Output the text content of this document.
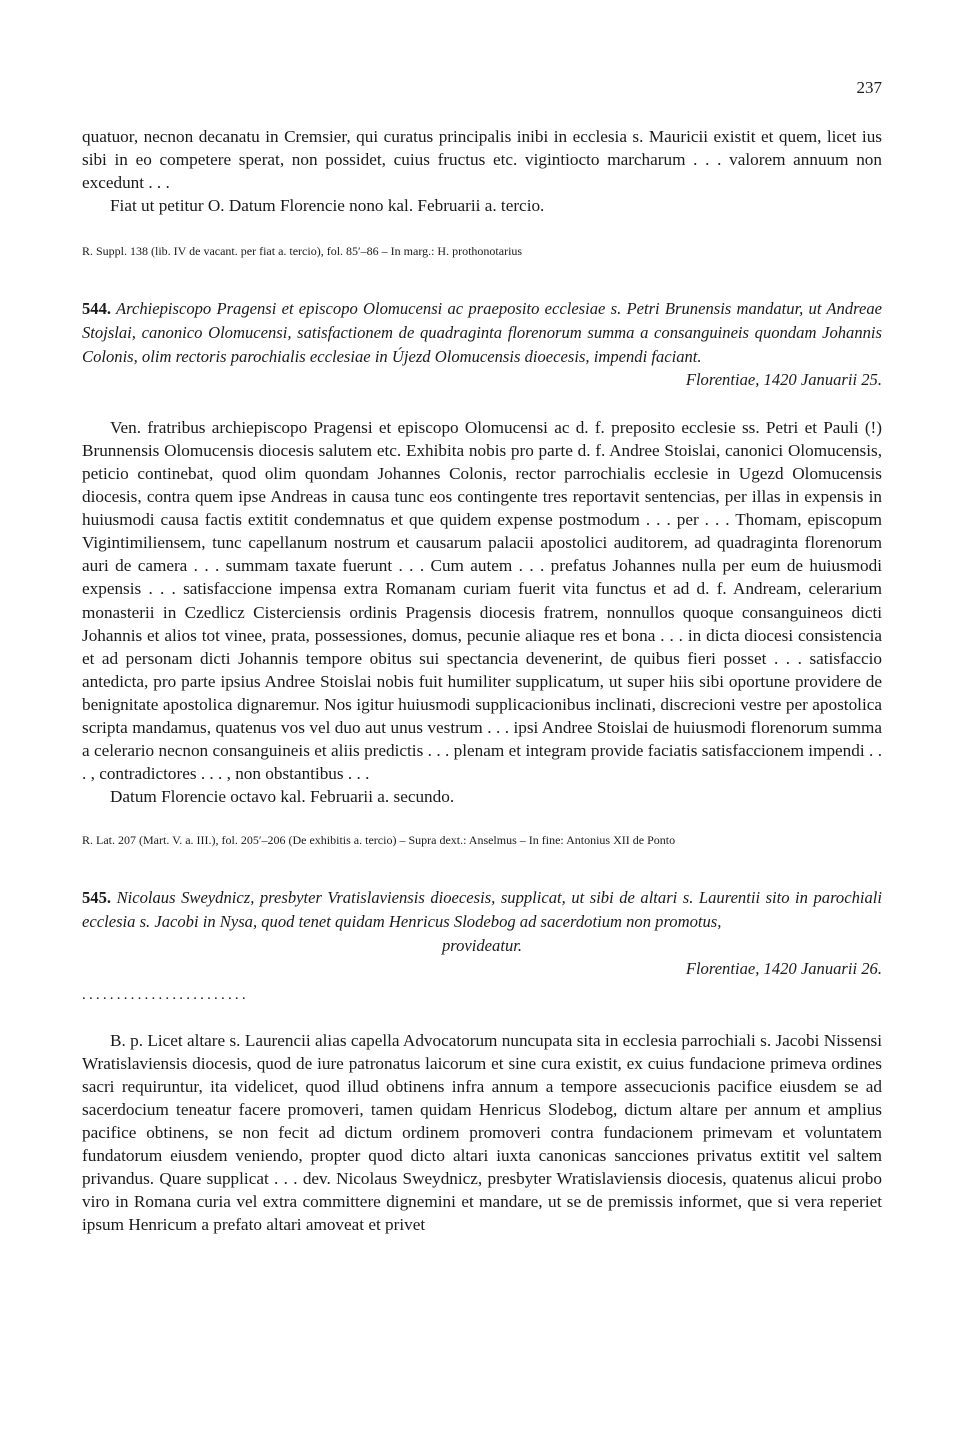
237

quatuor, necnon decanatu in Cremsier, qui curatus principalis inibi in ecclesia s. Mauricii existit et quem, licet ius sibi in eo competere sperat, non possidet, cuius fructus etc. vigintiocto marcharum . . . valorem annuum non excedunt . . .

Fiat ut petitur O. Datum Florencie nono kal. Februarii a. tercio.

R. Suppl. 138 (lib. IV de vacant. per fiat a. tercio), fol. 85′–86 – In marg.: H. prothonotarius

544. Archiepiscopo Pragensi et episcopo Olomucensi ac praeposito ecclesiae s. Petri Brunensis mandatur, ut Andreae Stojslai, canonico Olomucensi, satisfactionem de quadraginta florenorum summa a consanguineis quondam Johannis Colonis, olim rectoris parochialis ecclesiae in Újezd Olomucensis dioecesis, impendi faciant.

Florentiae, 1420 Januarii 25.

Ven. fratribus archiepiscopo Pragensi et episcopo Olomucensi ac d. f. preposito ecclesie ss. Petri et Pauli (!) Brunnensis Olomucensis diocesis salutem etc. Exhibita nobis pro parte d. f. Andree Stoislai, canonici Olomucensis, peticio continebat, quod olim quondam Johannes Colonis, rector parrochialis ecclesie in Ugezd Olomucensis diocesis, contra quem ipse Andreas in causa tunc eos contingente tres reportavit sentencias, per illas in expensis in huiusmodi causa factis extitit condemnatus et que quidem expense postmodum . . . per . . . Thomam, episcopum Vigintimiliensem, tunc capellanum nostrum et causarum palacii apostolici auditorem, ad quadraginta florenorum auri de camera . . . summam taxate fuerunt . . . Cum autem . . . prefatus Johannes nulla per eum de huiusmodi expensis . . . satisfaccione impensa extra Romanam curiam fuerit vita functus et ad d. f. Andream, celerarium monasterii in Czedlicz Cisterciensis ordinis Pragensis diocesis fratrem, nonnullos quoque consanguineos dicti Johannis et alios tot vinee, prata, possessiones, domus, pecunie aliaque res et bona . . . in dicta diocesi consistencia et ad personam dicti Johannis tempore obitus sui spectancia devenerint, de quibus fieri posset . . . satisfaccio antedicta, pro parte ipsius Andree Stoislai nobis fuit humiliter supplicatum, ut super hiis sibi oportune providere de benignitate apostolica dignaremur. Nos igitur huiusmodi supplicacionibus inclinati, discrecioni vestre per apostolica scripta mandamus, quatenus vos vel duo aut unus vestrum . . . ipsi Andree Stoislai de huiusmodi florenorum summa a celerario necnon consanguineis et aliis predictis . . . plenam et integram provide faciatis satisfaccionem impendi . . . , contradictores . . . , non obstantibus . . .

Datum Florencie octavo kal. Februarii a. secundo.

R. Lat. 207 (Mart. V. a. III.), fol. 205′–206 (De exhibitis a. tercio) – Supra dext.: Anselmus – In fine: Antonius XII de Ponto

545. Nicolaus Sweydnicz, presbyter Vratislaviensis dioecesis, supplicat, ut sibi de altari s. Laurentii sito in parochiali ecclesia s. Jacobi in Nysa, quod tenet quidam Henricus Slodebog ad sacerdotium non promotus,

provideatur.

Florentiae, 1420 Januarii 26.

........................

B. p. Licet altare s. Laurencii alias capella Advocatorum nuncupata sita in ecclesia parrochiali s. Jacobi Nissensi Wratislaviensis diocesis, quod de iure patronatus laicorum et sine cura existit, ex cuius fundacione primeva ordines sacri requiruntur, ita videlicet, quod illud obtinens infra annum a tempore assecucionis pacifice eiusdem se ad sacerdocium teneatur facere promoveri, tamen quidam Henricus Slodebog, dictum altare per annum et amplius pacifice obtinens, se non fecit ad dictum ordinem promoveri contra fundacionem primevam et voluntatem fundatorum eiusdem veniendo, propter quod dicto altari iuxta canonicas sancciones privatus extitit vel saltem privandus. Quare supplicat . . . dev. Nicolaus Sweydnicz, presbyter Wratislaviensis diocesis, quatenus alicui probo viro in Romana curia vel extra committere dignemini et mandare, ut se de premissis informet, que si vera reperiet ipsum Henricum a prefato altari amoveat et privet
